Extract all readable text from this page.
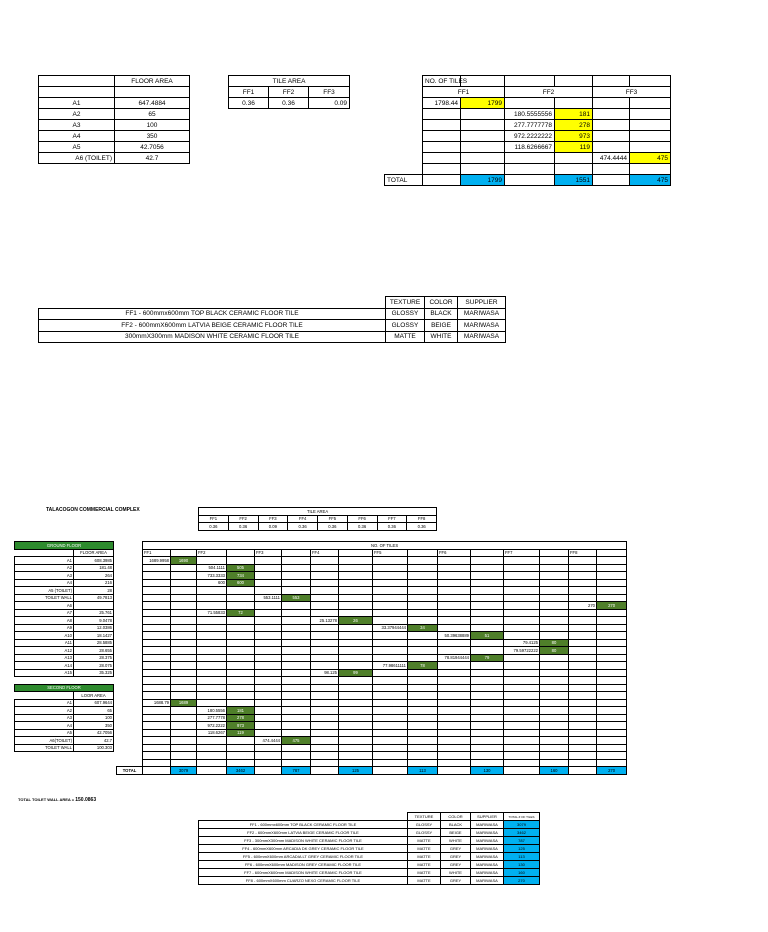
	FLOOR AREA

A1	647.4884
A2	65
A3	100
A4	350
A5	42.7056
A6 (TOILET)	42.7
TILE AREA		
FF1	FF2	FF3
0.36	0.36	0.09
	NO. OF TILES					
	FF1		FF2		FF3	
	1798.44	1799				
			180.5555556	181		
			277.7777778	278		
			972.2222222	973		
			118.6266667	119		
					474.4444	475

TOTAL		1799		1551		475
	TEXTURE	COLOR	SUPPLIER
FF1 - 600mmx600mm TOP BLACK CERAMIC FLOOR TILE	GLOSSY	BLACK	MARIWASA
FF2 - 600mmX600mm LATVIA BEIGE CERAMIC FLOOR TILE	GLOSSY	BEIGE	MARIWASA
300mmX300mm MADISON WHITE CERAMIC FLOOR TILE	MATTE	WHITE	MARIWASA
TALACOGON COMMERCIAL COMPLEX	TILE AREA							
FF1	FF2	FF3	FF4	FF5	FF6	FF7	FF8
0.36	0.36	0.09	0.36	0.36	0.36	0.36	0.36
GROUND FLOOR	
	FLOOR AREA
A1	608.3985
A2	181.48
A3	264
A4	216
A5 (TOILET)	28
TOILET WALL	49.7813
A6	
A7	25.761
A8	9.0478
A9	12.0386
A10	18.1427
A11	28.5885
A12	28.655
A13	28.375
A14	28.075
A15	35.325

SECOND FLOOR	
	LOOR AREA
A1	607.9644
A2	65
A3	100
A4	350
A5	42.7056
A6(TOILET)	42.7
TOILET WALL	100.303
	NO. OF TILES															
	FF1		FF2		FF3		FF4		FF5		FF6		FF7		FF8	
	1689.9958	1690														
			504.1111	505												
			733.3333	734												
			600	600												

					553.1111	553										
															270	270
			71.55833	72												
							25.13278	26								
									33.37944444	34						
											50.39638889	51				
													79.4125	80		
													79.59722222	80		
											78.81944444	79				
									77.98611111	78						
							98.125	99								

	1688.79	1689														
			180.5556	181												
			277.7778	278												
			972.2222	973												
			118.6267	119												
					474.4444	475										

TOTAL		3079		3462		787		125		113		130		160		270
TOTAL TOILET WALL AREA = 150.0863
	TEXTURE	COLOR	SUPPLIER	TOTAL # OF TILES
FF1 - 600mmx600mm TOP BLACK CERAMIC FLOOR TILE	GLOSSY	BLACK	MARIWASA	3079
FF2 - 600mmX600mm LATVIA BEIGE CERAMIC FLOOR TILE	GLOSSY	BEIGE	MARIWASA	3462
FF3 - 300mmX300mm MADISON WHITE CERAMIC FLOOR TILE	MATTE	WHITE	MARIWASA	787
FF4 - 600mmX600mm ARCADIA DK GREY CERAMIC FLOOR TILE	MATTE	GREY	MARIWASA	125
FF5 - 600mmX600mm ARCADIA LT GREY CERAMIC FLOOR TILE	MATTE	GREY	MARIWASA	113
FF6 - 600mmX600mm MADISON GREY CERAMIC FLOOR TILE	MATTE	GREY	MARIWASA	130
FF7 - 600mmX600mm MADISON WHITE CERAMIC FLOOR TILE	MATTE	WHITE	MARIWASA	160
FF8 - 600mmX600mm CUARZO NEXO CERAMIC FLOOR TILE	MATTE	GREY	MARIWASA	270
